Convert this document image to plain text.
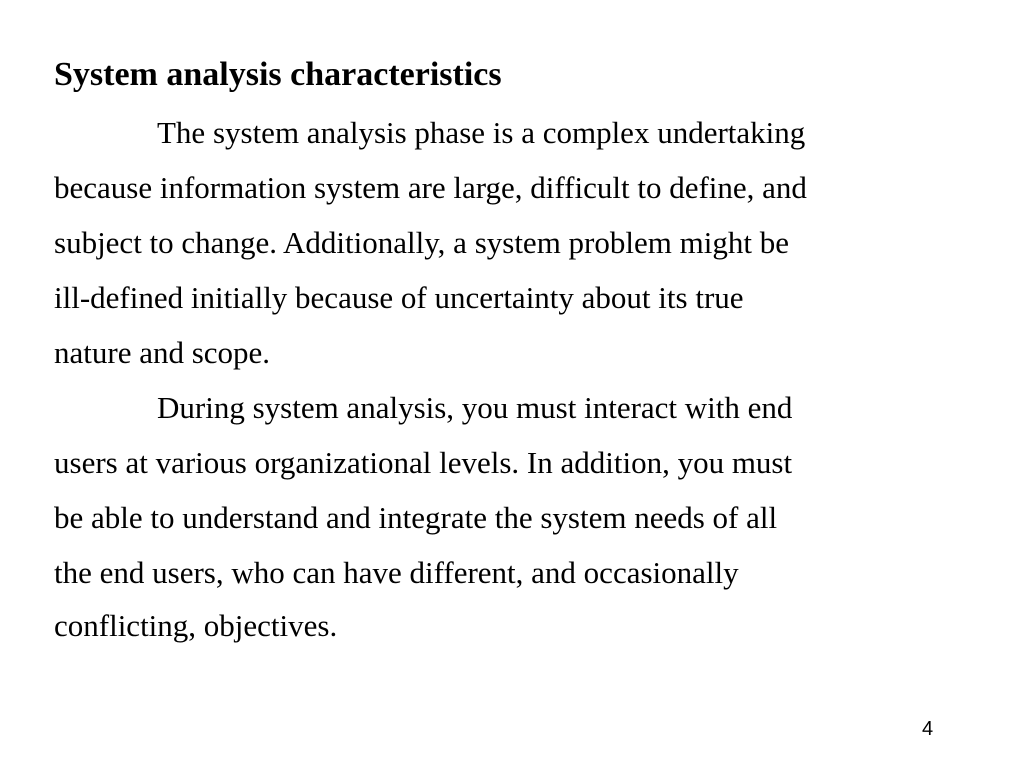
System analysis characteristics
The system analysis phase is a complex undertaking
because information system are large, difficult to define, and
subject to change. Additionally, a system problem might be
ill-defined initially because of uncertainty about its true
nature and scope.
During system analysis, you must interact with end
users at various organizational levels. In addition, you must
be able to understand and integrate the system needs of all
the end users, who can have different, and occasionally
conflicting, objectives.
4
